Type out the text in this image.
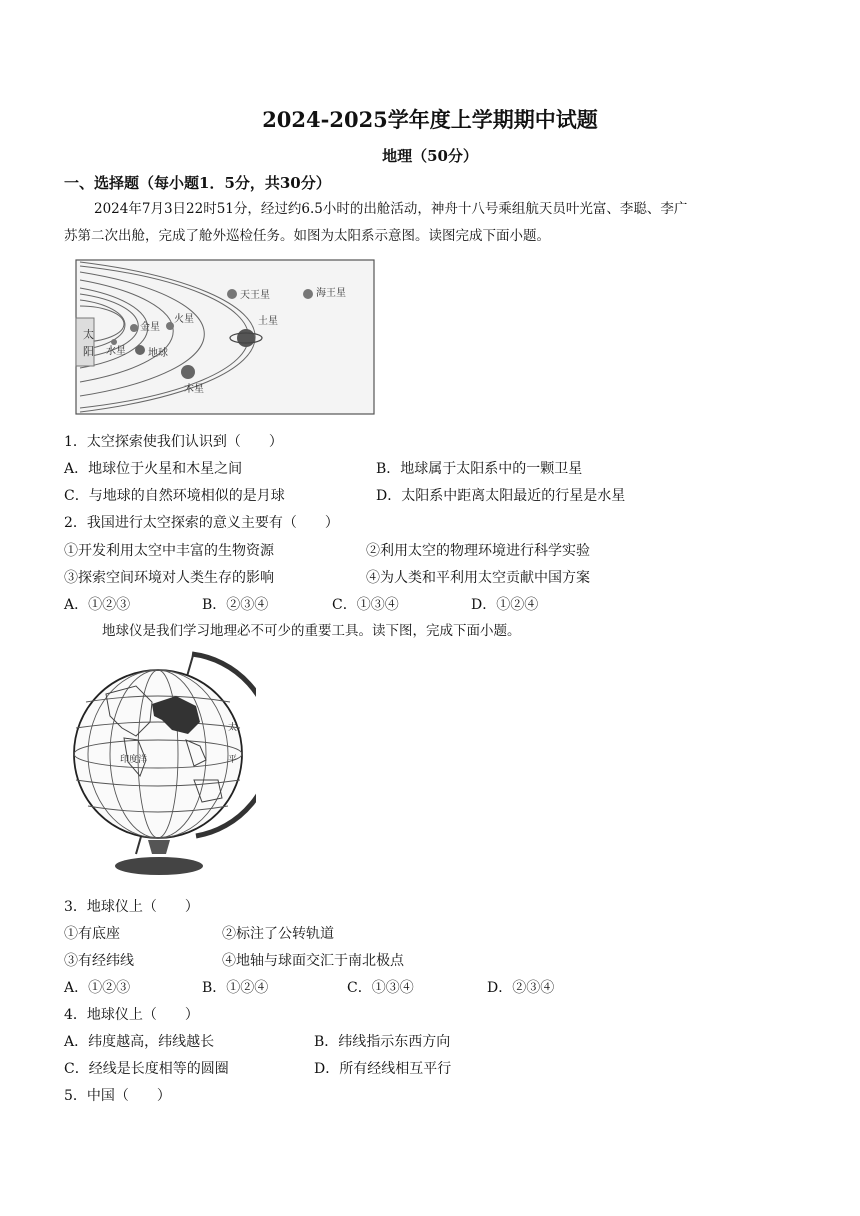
2024-2025学年度上学期期中试题
地理（50分）
一、选择题（每小题1．5分，共30分）
2024年7月3日22时51分，经过约6.5小时的出舱活动，神舟十八号乘组航天员叶光富、李聪、李广
苏第二次出舱，完成了舱外巡检任务。如图为太阳系示意图。读图完成下面小题。
太
阳 水星
金星
地球
火星
木星
土星
天王星	海王星
1．太空探索使我们认识到（　　）
A．地球位于火星和木星之间	B．地球属于太阳系中的一颗卫星
C．与地球的自然环境相似的是月球	D．太阳系中距离太阳最近的行星是水星
2．我国进行太空探索的意义主要有（　　）
①开发利用太空中丰富的生物资源	②利用太空的物理环境进行科学实验
③探索空间环境对人类生存的影响	④为人类和平利用太空贡献中国方案
A．①②③	B．②③④	C．①③④	D．①②④
地球仪是我们学习地理必不可少的重要工具。读下图，完成下面小题。
印度洋
太
平
3．地球仪上（　　）
①有底座	②标注了公转轨道
③有经纬线	④地轴与球面交汇于南北极点
A．①②③	B．①②④	C．①③④	D．②③④
4．地球仪上（　　）
A．纬度越高，纬线越长	B．纬线指示东西方向
C．经线是长度相等的圆圈	D．所有经线相互平行
5．中国（　　）
